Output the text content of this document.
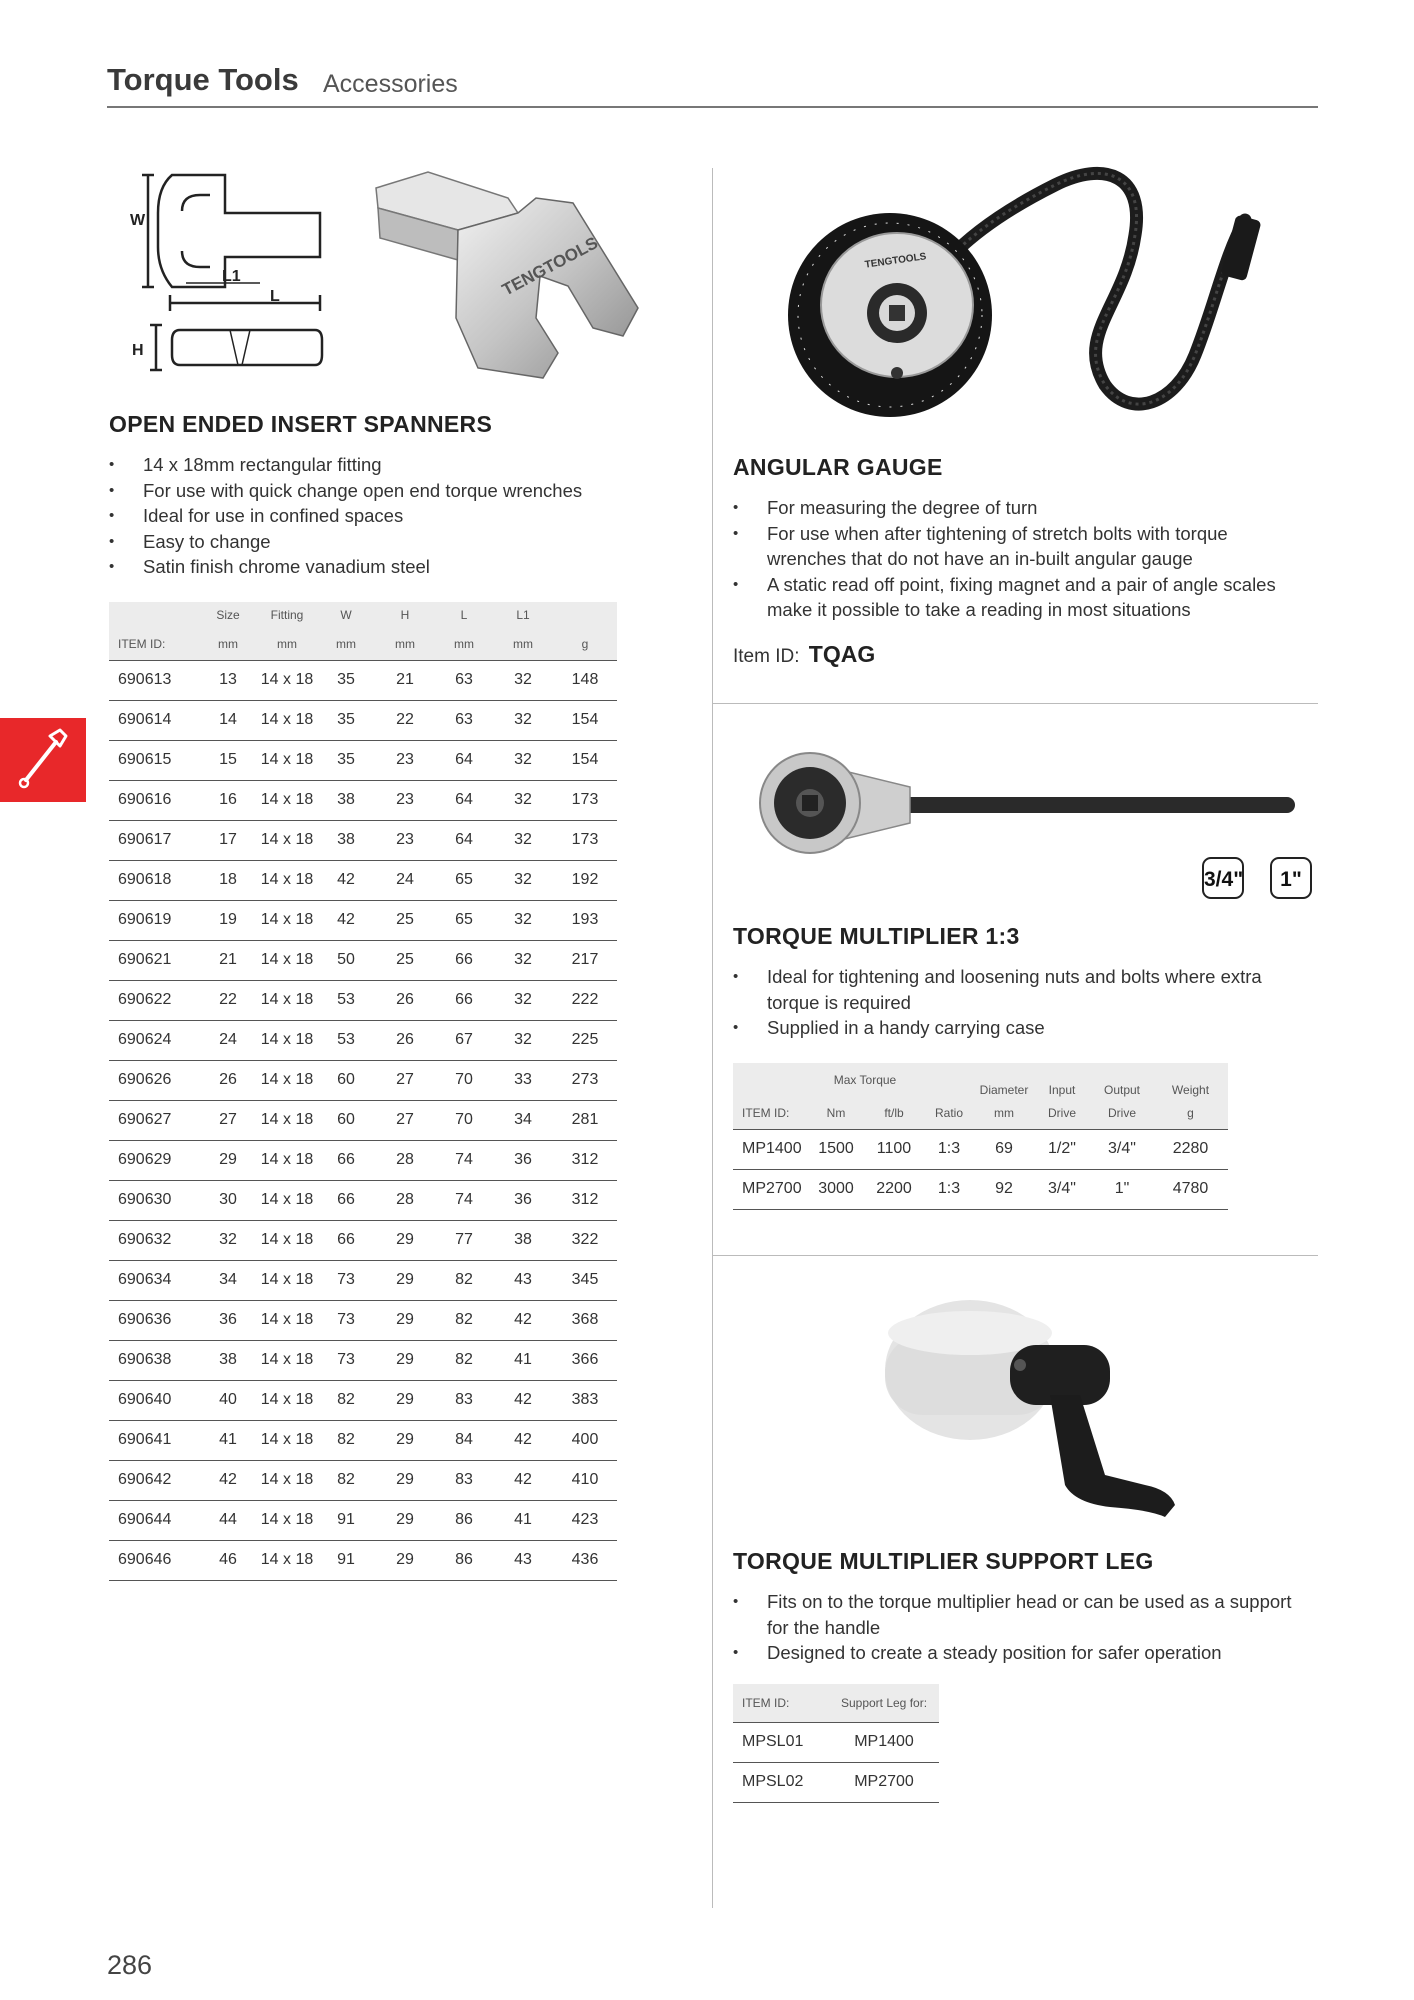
Torque Tools Accessories
W
L1
L
H
TENGTOOLS
OPEN ENDED INSERT SPANNERS
• 14 x 18mm rectangular fitting
• For use with quick change open end torque wrenches
• Ideal for use in confined spaces
• Easy to change
• Satin finish chrome vanadium steel
	Size	Fitting	W	H	L	L1	
ITEM ID:	mm	mm	mm	mm	mm	mm	g
690613	13	14 x 18	35	21	63	32	148
690614	14	14 x 18	35	22	63	32	154
690615	15	14 x 18	35	23	64	32	154
690616	16	14 x 18	38	23	64	32	173
690617	17	14 x 18	38	23	64	32	173
690618	18	14 x 18	42	24	65	32	192
690619	19	14 x 18	42	25	65	32	193
690621	21	14 x 18	50	25	66	32	217
690622	22	14 x 18	53	26	66	32	222
690624	24	14 x 18	53	26	67	32	225
690626	26	14 x 18	60	27	70	33	273
690627	27	14 x 18	60	27	70	34	281
690629	29	14 x 18	66	28	74	36	312
690630	30	14 x 18	66	28	74	36	312
690632	32	14 x 18	66	29	77	38	322
690634	34	14 x 18	73	29	82	43	345
690636	36	14 x 18	73	29	82	42	368
690638	38	14 x 18	73	29	82	41	366
690640	40	14 x 18	82	29	83	42	383
690641	41	14 x 18	82	29	84	42	400
690642	42	14 x 18	82	29	83	42	410
690644	44	14 x 18	91	29	86	41	423
690646	46	14 x 18	91	29	86	43	436
TENGTOOLS
ANGULAR GAUGE
• For measuring the degree of turn
• For use when after tightening of stretch bolts with torque wrenches that do not have an in-built angular gauge
• A static read off point, fixing magnet and a pair of angle scales make it possible to take a reading in most situations
Item ID: TQAG
3/4"	1"
TORQUE MULTIPLIER 1:3
• Ideal for tightening and loosening nuts and bolts where extra torque is required
• Supplied in a handy carrying case
	Max Torque			Diameter	Input	Output	Weight
ITEM ID:	Nm	ft/lb	Ratio	mm	Drive	Drive	g
MP1400	1500	1100	1:3	69	1/2"	3/4"	2280
MP2700	3000	2200	1:3	92	3/4"	1"	4780
TORQUE MULTIPLIER SUPPORT LEG
• Fits on to the torque multiplier head or can be used as a support for the handle
• Designed to create a steady position for safer operation
ITEM ID:	Support Leg for:
MPSL01	MP1400
MPSL02	MP2700
286
